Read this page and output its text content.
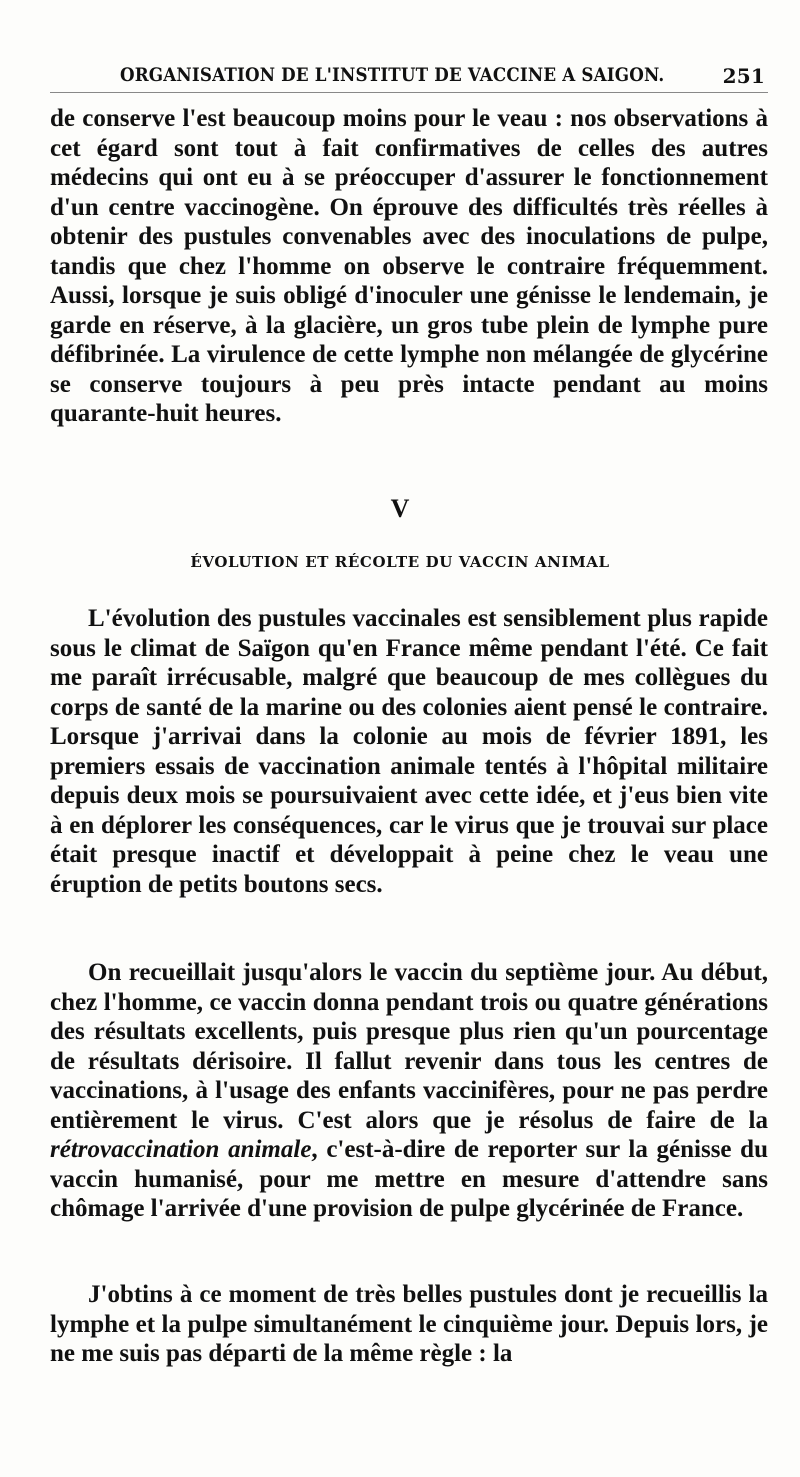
ORGANISATION DE L'INSTITUT DE VACCINE A SAIGON.	251

de conserve l'est beaucoup moins pour le veau : nos observations à cet égard sont tout à fait confirmatives de celles des autres médecins qui ont eu à se préoccuper d'assurer le fonctionnement d'un centre vaccinogène. On éprouve des difficultés très réelles à obtenir des pustules convenables avec des inoculations de pulpe, tandis que chez l'homme on observe le contraire fréquemment. Aussi, lorsque je suis obligé d'inoculer une génisse le lendemain, je garde en réserve, à la glacière, un gros tube plein de lymphe pure défibrinée. La virulence de cette lymphe non mélangée de glycérine se conserve toujours à peu près intacte pendant au moins quarante-huit heures.

V
ÉVOLUTION ET RÉCOLTE DU VACCIN ANIMAL

L'évolution des pustules vaccinales est sensiblement plus rapide sous le climat de Saïgon qu'en France même pendant l'été. Ce fait me paraît irrécusable, malgré que beaucoup de mes collègues du corps de santé de la marine ou des colonies aient pensé le contraire. Lorsque j'arrivai dans la colonie au mois de février 1891, les premiers essais de vaccination animale tentés à l'hôpital militaire depuis deux mois se poursuivaient avec cette idée, et j'eus bien vite à en déplorer les conséquences, car le virus que je trouvai sur place était presque inactif et développait à peine chez le veau une éruption de petits boutons secs.

On recueillait jusqu'alors le vaccin du septième jour. Au début, chez l'homme, ce vaccin donna pendant trois ou quatre générations des résultats excellents, puis presque plus rien qu'un pourcentage de résultats dérisoire. Il fallut revenir dans tous les centres de vaccinations, à l'usage des enfants vaccinifères, pour ne pas perdre entièrement le virus. C'est alors que je résolus de faire de la rétrovaccination animale, c'est-à-dire de reporter sur la génisse du vaccin humanisé, pour me mettre en mesure d'attendre sans chômage l'arrivée d'une provision de pulpe glycérinée de France.

J'obtins à ce moment de très belles pustules dont je recueillis la lymphe et la pulpe simultanément le cinquième jour. Depuis lors, je ne me suis pas départi de la même règle : la
